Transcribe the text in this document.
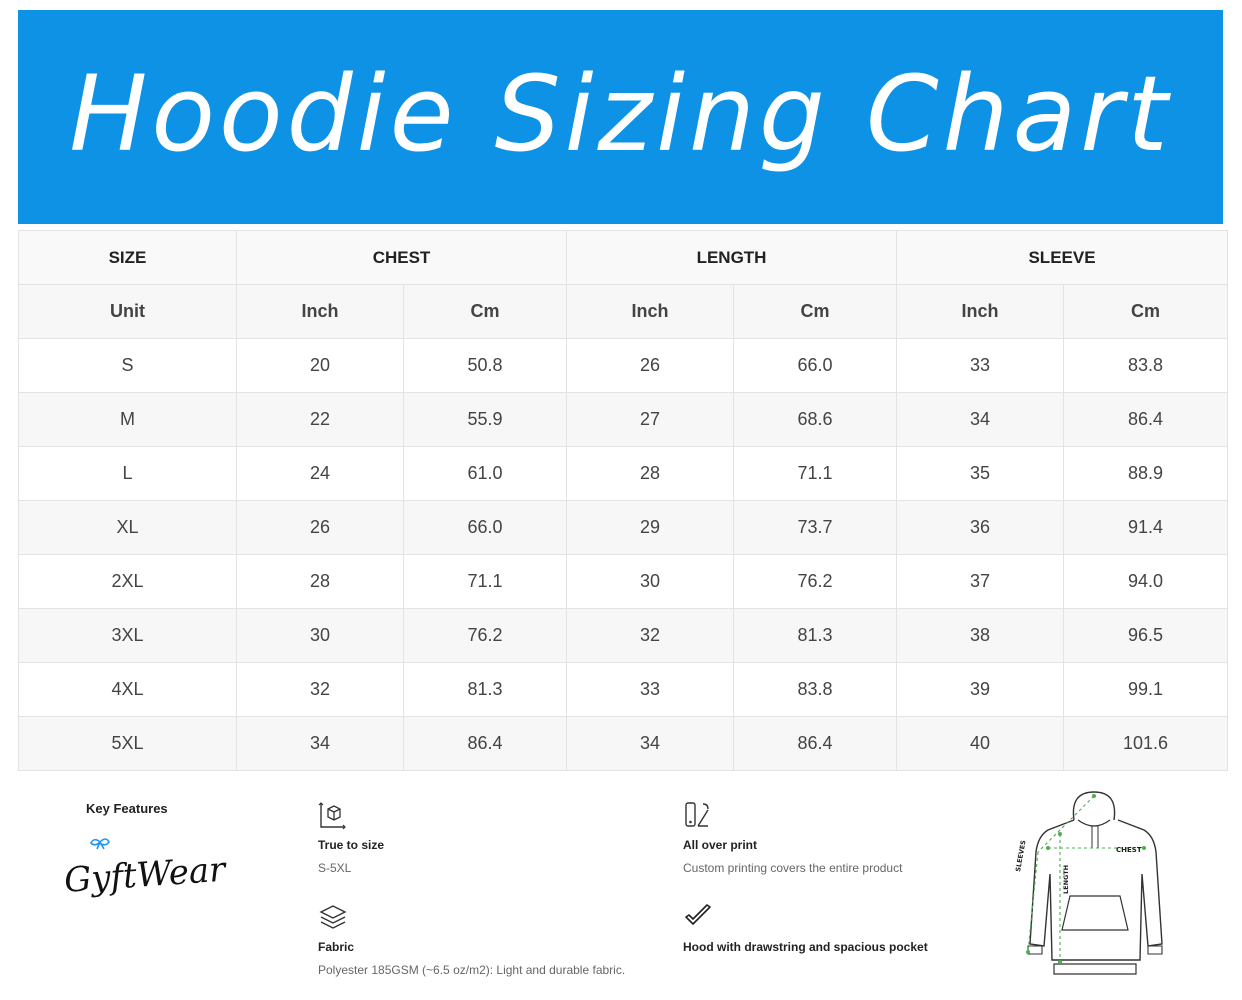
Hoodie Sizing Chart
SIZE	CHEST		LENGTH		SLEEVE	
Unit	Inch	Cm	Inch	Cm	Inch	Cm
S	20	50.8	26	66.0	33	83.8
M	22	55.9	27	68.6	34	86.4
L	24	61.0	28	71.1	35	88.9
XL	26	66.0	29	73.7	36	91.4
2XL	28	71.1	30	76.2	37	94.0
3XL	30	76.2	32	81.3	38	96.5
4XL	32	81.3	33	83.8	39	99.1
5XL	34	86.4	34	86.4	40	101.6
Key Features
GyftWear
True to size
S-5XL
All over print
Custom printing covers the entire product
Fabric
Polyester 185GSM (~6.5 oz/m2): Light and durable fabric.
Hood with drawstring and spacious pocket
CHEST
LENGTH
SLEEVES
